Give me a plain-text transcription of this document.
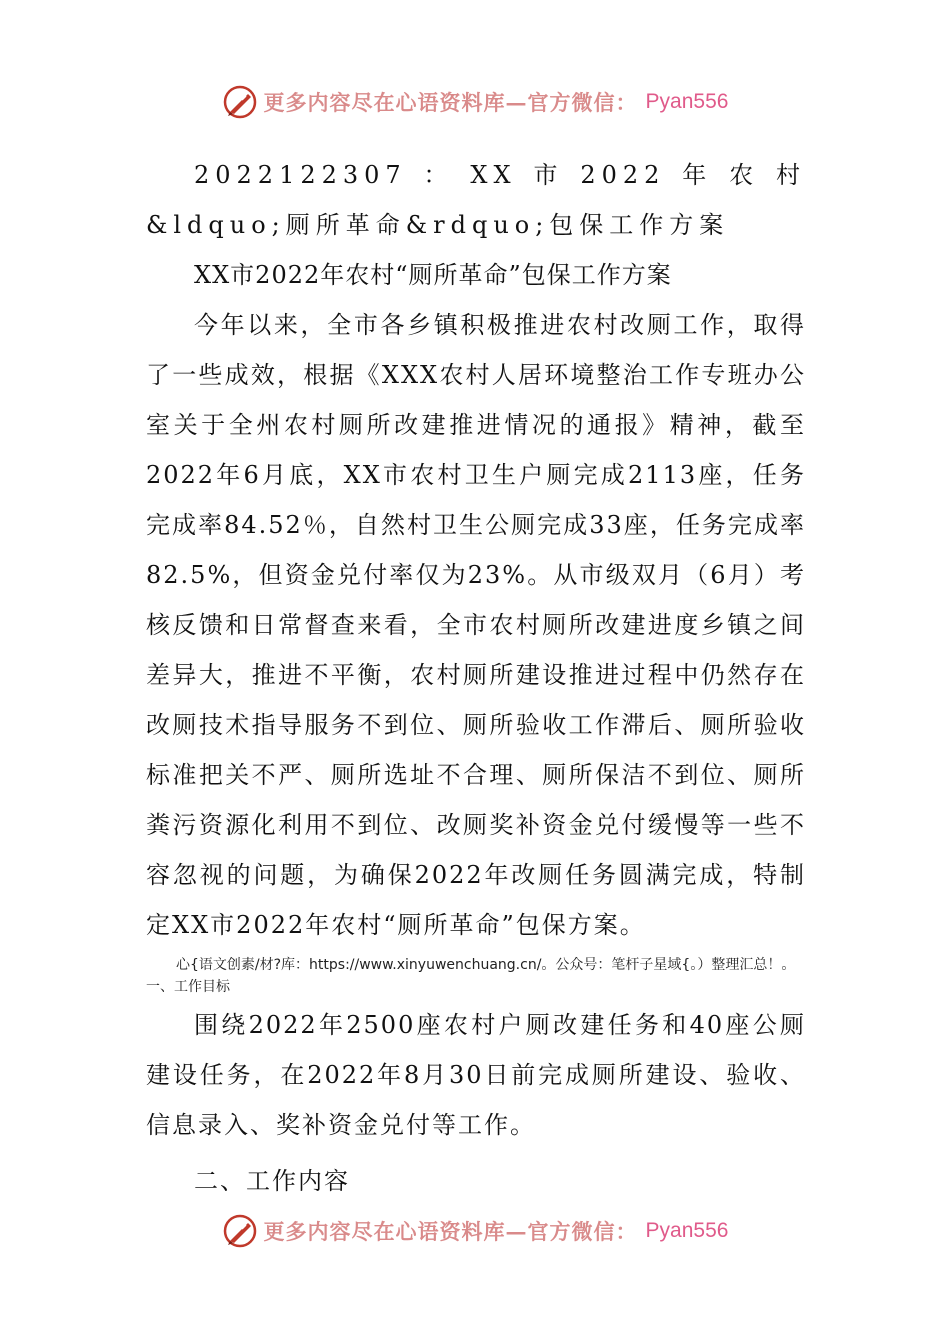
更多内容尽在心语资料库—官方微信： Pyan556

2022122307：XX市2022年农村&ldquo;厕所革命&rdquo;包保工作方案

XX市2022年农村“厕所革命”包保工作方案

今年以来，全市各乡镇积极推进农村改厕工作，取得了一些成效，根据《XXX农村人居环境整治工作专班办公室关于全州农村厕所改建推进情况的通报》精神，截至2022年6月底，XX市农村卫生户厕完成2113座，任务完成率84.52％，自然村卫生公厕完成33座，任务完成率82.5%，但资金兑付率仅为23%。从市级双月（6月）考核反馈和日常督查来看，全市农村厕所改建进度乡镇之间差异大，推进不平衡，农村厕所建设推进过程中仍然存在改厕技术指导服务不到位、厕所验收工作滞后、厕所验收标准把关不严、厕所选址不合理、厕所保洁不到位、厕所粪污资源化利用不到位、改厕奖补资金兑付缓慢等一些不容忽视的问题，为确保2022年改厕任务圆满完成，特制定XX市2022年农村“厕所革命”包保方案。

心{语文创素/材?库：https://www.xinyuwenchuang.cn/。公众号：笔杆子星域{。）整理汇总！。一、工作目标

围绕2022年2500座农村户厕改建任务和40座公厕建设任务，在2022年8月30日前完成厕所建设、验收、信息录入、奖补资金兑付等工作。

二、工作内容

更多内容尽在心语资料库—官方微信： Pyan556
